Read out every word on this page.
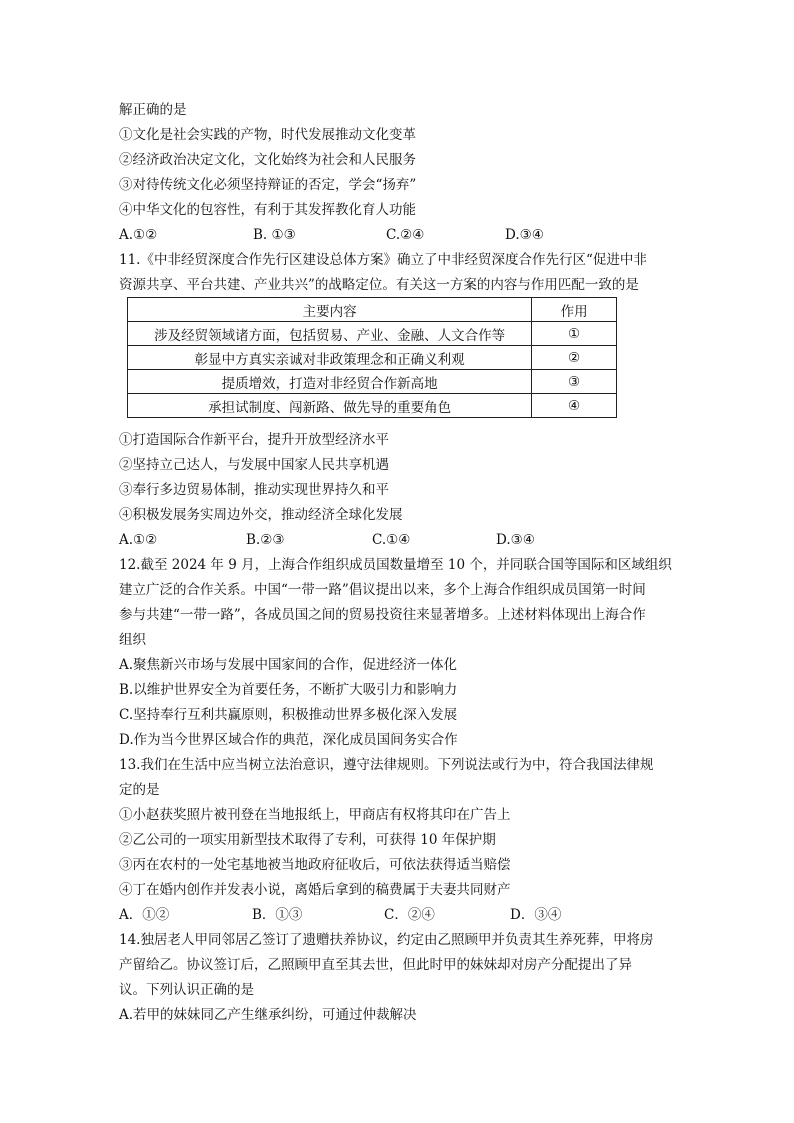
解正确的是
①文化是社会实践的产物，时代发展推动文化变革
②经济政治决定文化，文化始终为社会和人民服务
③对待传统文化必须坚持辩证的否定，学会“扬弃”
④中华文化的包容性，有利于其发挥教化育人功能
A.①②	B. ①③	C.②④	D.③④
11.《中非经贸深度合作先行区建设总体方案》确立了中非经贸深度合作先行区“促进中非
资源共享、平台共建、产业共兴”的战略定位。有关这一方案的内容与作用匹配一致的是
主要内容	作用
涉及经贸领域诸方面，包括贸易、产业、金融、人文合作等	①
彰显中方真实亲诚对非政策理念和正确义利观	②
提质增效，打造对非经贸合作新高地	③
承担试制度、闯新路、做先导的重要角色	④
①打造国际合作新平台，提升开放型经济水平
②坚持立己达人，与发展中国家人民共享机遇
③奉行多边贸易体制，推动实现世界持久和平
④积极发展务实周边外交，推动经济全球化发展
A.①②	B.②③	C.①④	D.③④
12.截至 2024 年 9 月，上海合作组织成员国数量增至 10 个，并同联合国等国际和区域组织
建立广泛的合作关系。中国“一带一路”倡议提出以来，多个上海合作组织成员国第一时间
参与共建“一带一路”，各成员国之间的贸易投资往来显著增多。上述材料体现出上海合作
组织
A.聚焦新兴市场与发展中国家间的合作，促进经济一体化
B.以维护世界安全为首要任务，不断扩大吸引力和影响力
C.坚持奉行互利共赢原则，积极推动世界多极化深入发展
D.作为当今世界区域合作的典范，深化成员国间务实合作
13.我们在生活中应当树立法治意识，遵守法律规则。下列说法或行为中，符合我国法律规
定的是
①小赵获奖照片被刊登在当地报纸上，甲商店有权将其印在广告上
②乙公司的一项实用新型技术取得了专利，可获得 10 年保护期
③丙在农村的一处宅基地被当地政府征收后，可依法获得适当赔偿
④丁在婚内创作并发表小说，离婚后拿到的稿费属于夫妻共同财产
A．①②	B．①③	C．②④	D．③④
14.独居老人甲同邻居乙签订了遗赠扶养协议，约定由乙照顾甲并负责其生养死葬，甲将房
产留给乙。协议签订后，乙照顾甲直至其去世，但此时甲的妹妹却对房产分配提出了异
议。下列认识正确的是
A.若甲的妹妹同乙产生继承纠纷，可通过仲裁解决
